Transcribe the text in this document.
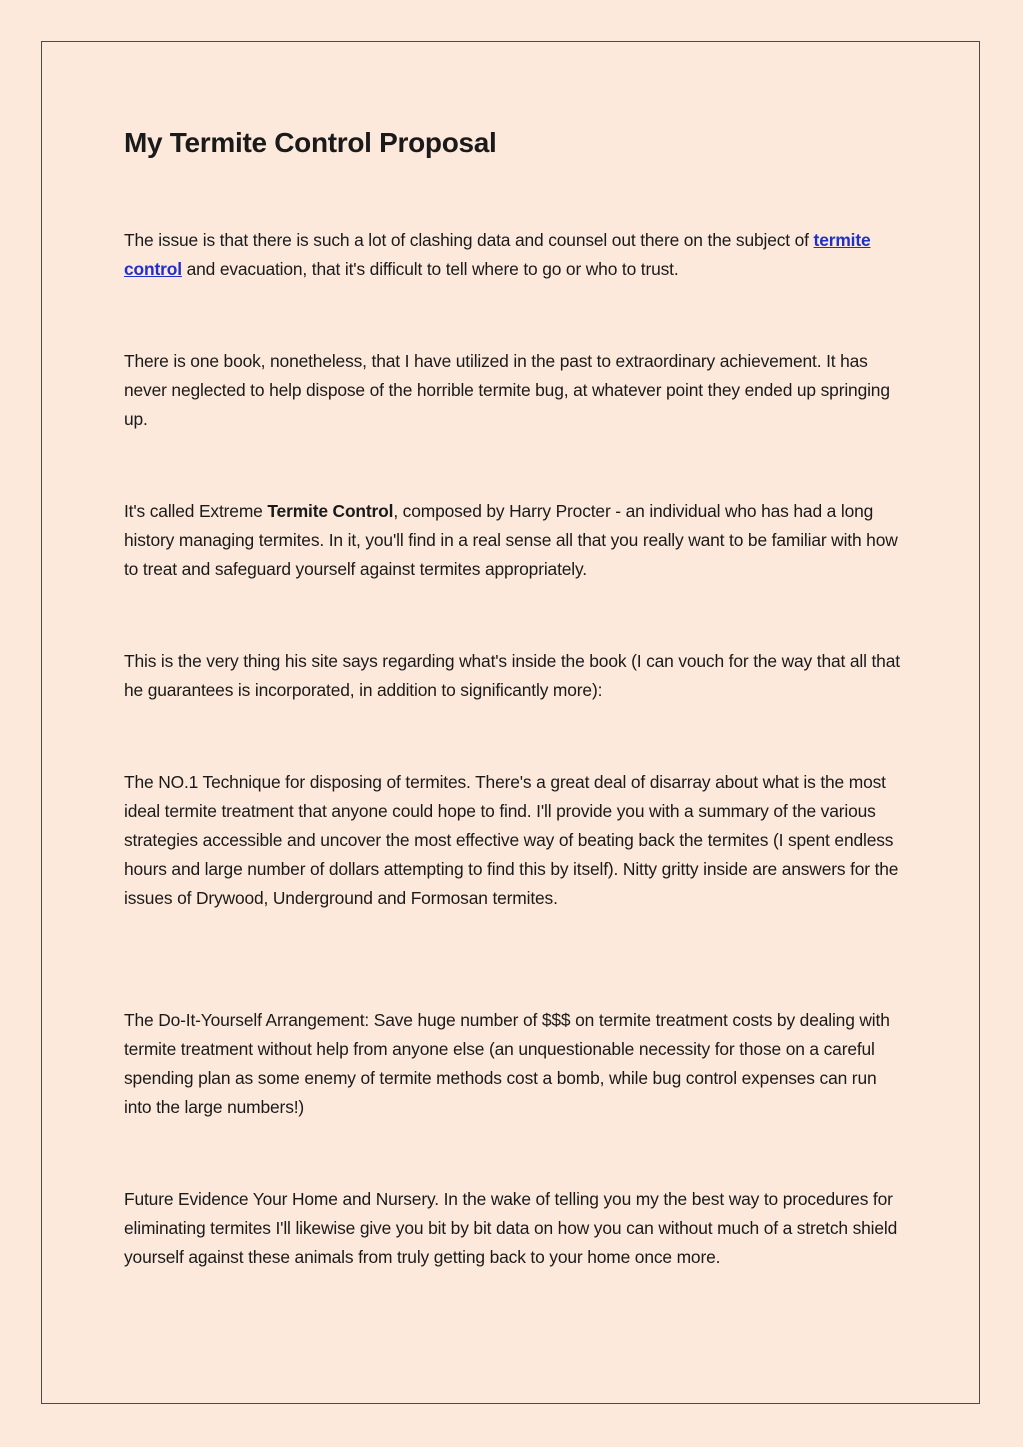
My Termite Control Proposal

The issue is that there is such a lot of clashing data and counsel out there on the subject of termite control and evacuation, that it's difficult to tell where to go or who to trust.

There is one book, nonetheless, that I have utilized in the past to extraordinary achievement. It has never neglected to help dispose of the horrible termite bug, at whatever point they ended up springing up.

It's called Extreme Termite Control, composed by Harry Procter - an individual who has had a long history managing termites. In it, you'll find in a real sense all that you really want to be familiar with how to treat and safeguard yourself against termites appropriately.

This is the very thing his site says regarding what's inside the book (I can vouch for the way that all that he guarantees is incorporated, in addition to significantly more):

The NO.1 Technique for disposing of termites. There's a great deal of disarray about what is the most ideal termite treatment that anyone could hope to find. I'll provide you with a summary of the various strategies accessible and uncover the most effective way of beating back the termites (I spent endless hours and large number of dollars attempting to find this by itself). Nitty gritty inside are answers for the issues of Drywood, Underground and Formosan termites.

The Do-It-Yourself Arrangement: Save huge number of $$$ on termite treatment costs by dealing with termite treatment without help from anyone else (an unquestionable necessity for those on a careful spending plan as some enemy of termite methods cost a bomb, while bug control expenses can run into the large numbers!)

Future Evidence Your Home and Nursery. In the wake of telling you my the best way to procedures for eliminating termites I'll likewise give you bit by bit data on how you can without much of a stretch shield yourself against these animals from truly getting back to your home once more.
